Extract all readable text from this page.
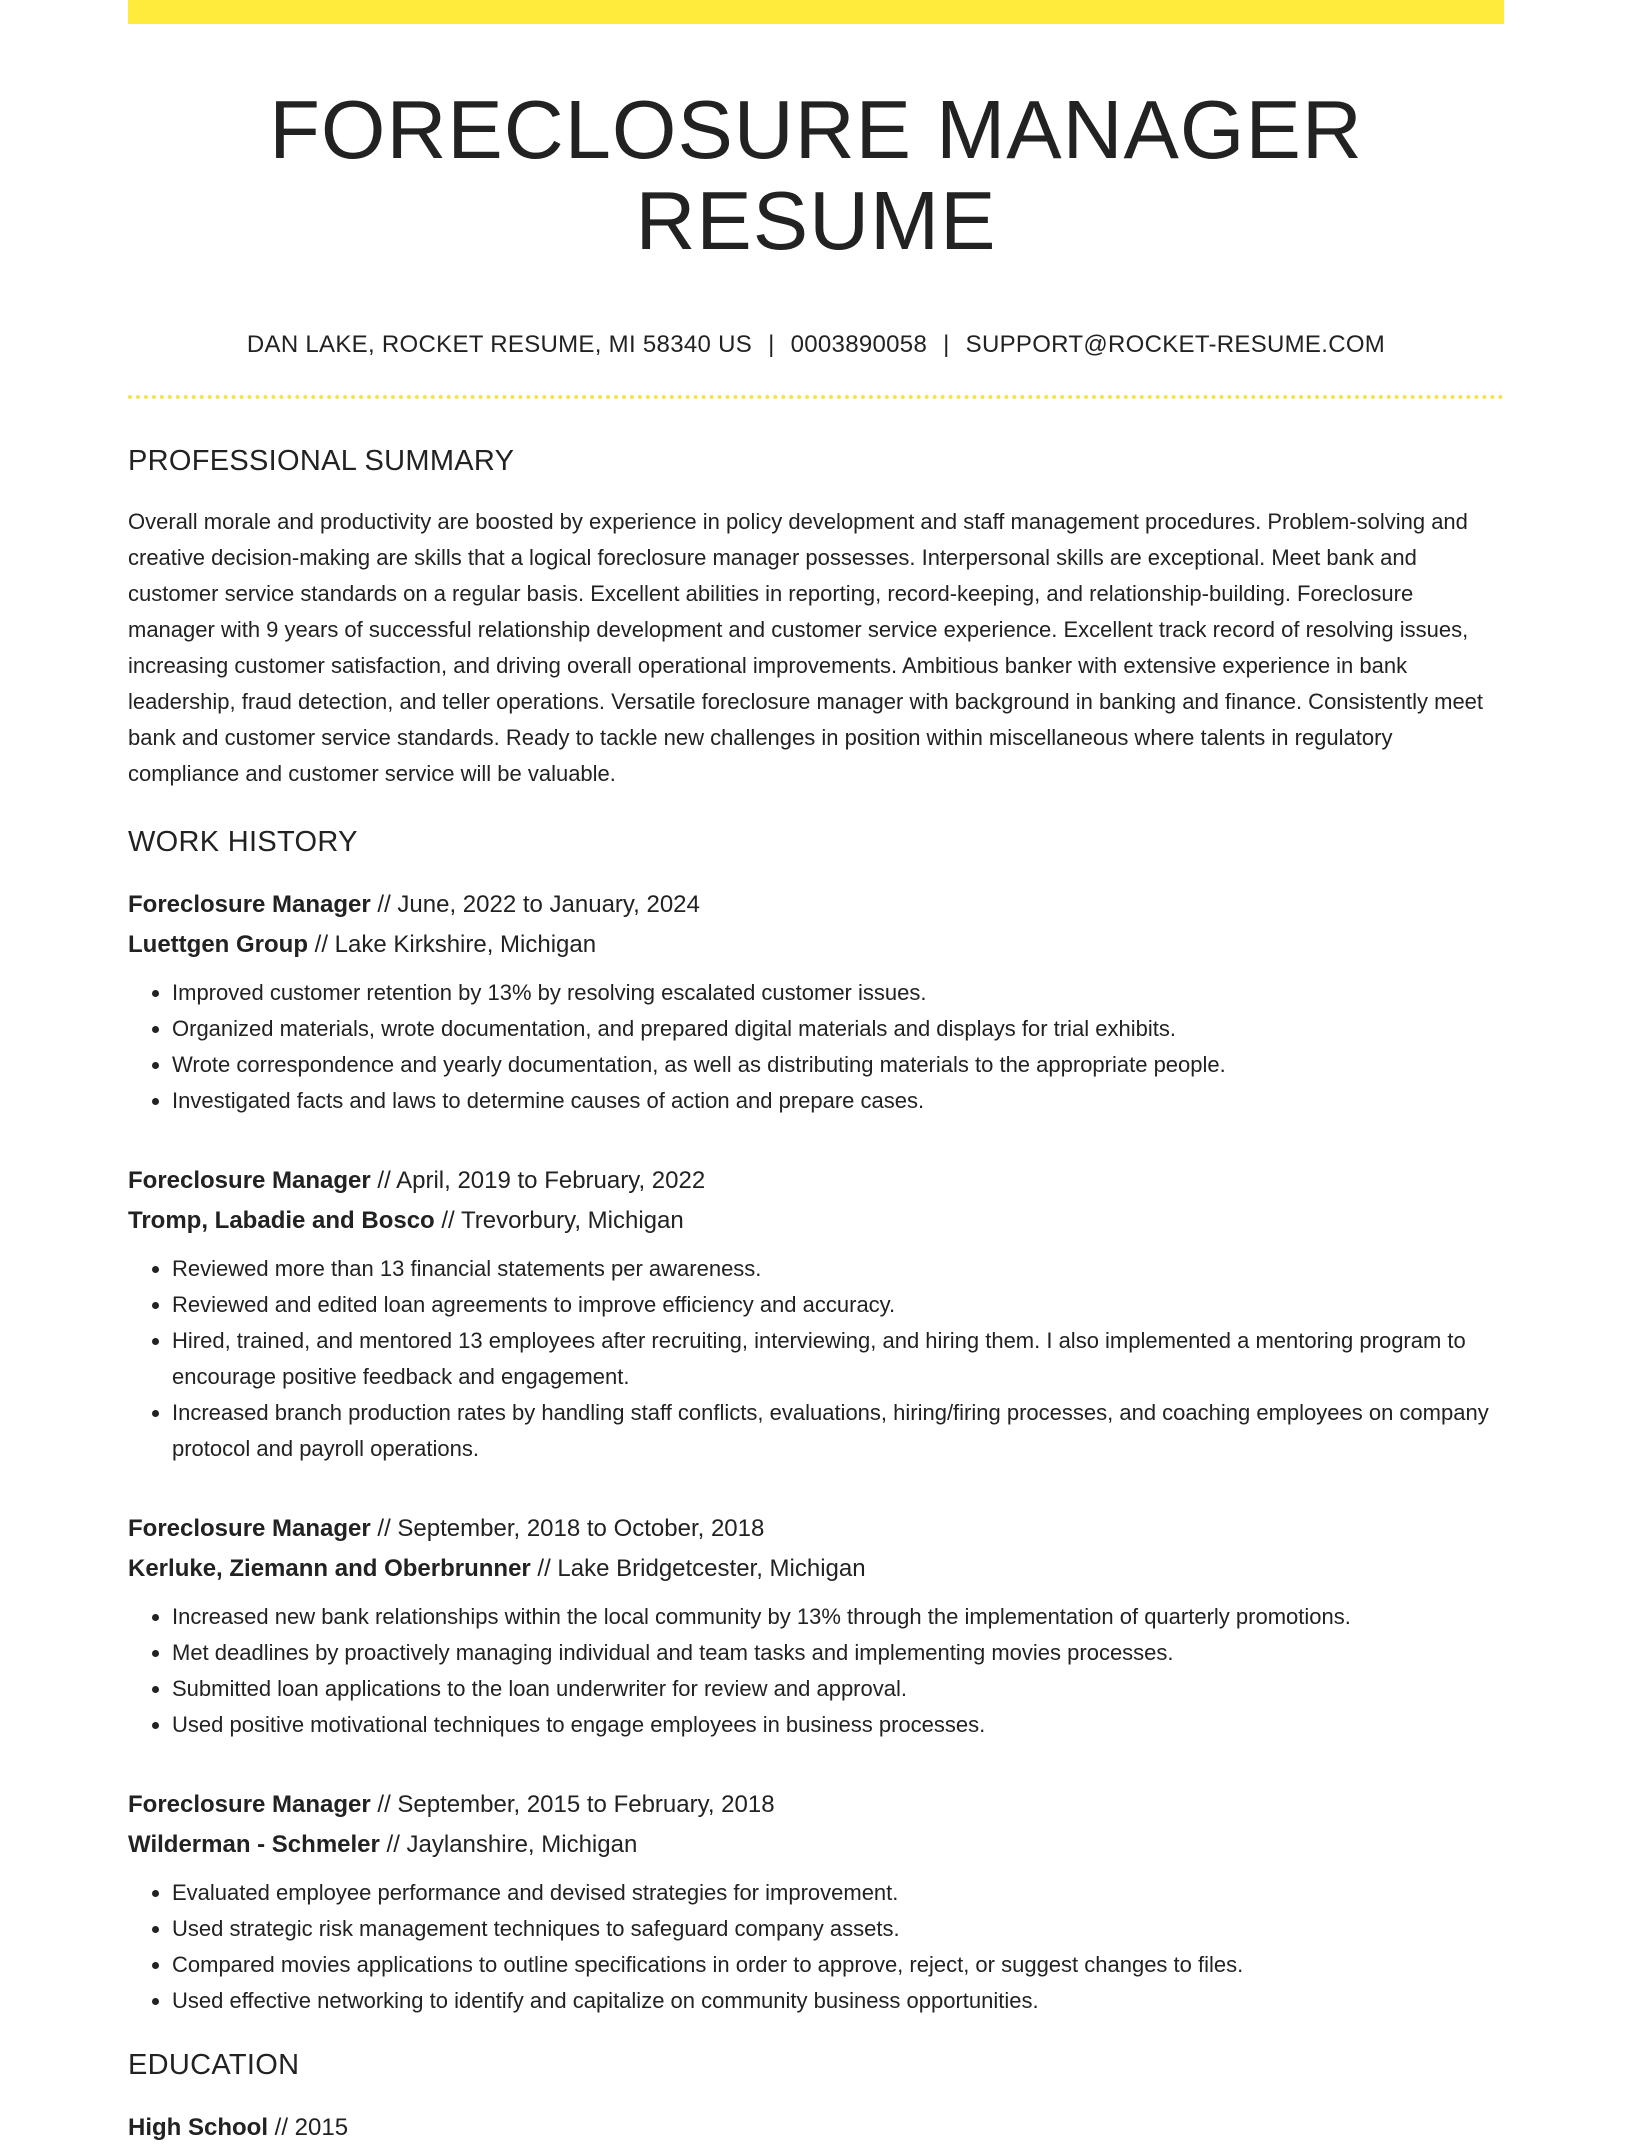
FORECLOSURE MANAGER RESUME
DAN LAKE, ROCKET RESUME, MI 58340 US | 0003890058 | SUPPORT@ROCKET-RESUME.COM
PROFESSIONAL SUMMARY
Overall morale and productivity are boosted by experience in policy development and staff management procedures. Problem-solving and creative decision-making are skills that a logical foreclosure manager possesses. Interpersonal skills are exceptional. Meet bank and customer service standards on a regular basis. Excellent abilities in reporting, record-keeping, and relationship-building. Foreclosure manager with 9 years of successful relationship development and customer service experience. Excellent track record of resolving issues, increasing customer satisfaction, and driving overall operational improvements. Ambitious banker with extensive experience in bank leadership, fraud detection, and teller operations. Versatile foreclosure manager with background in banking and finance. Consistently meet bank and customer service standards. Ready to tackle new challenges in position within miscellaneous where talents in regulatory compliance and customer service will be valuable.
WORK HISTORY
Foreclosure Manager // June, 2022 to January, 2024
Luettgen Group // Lake Kirkshire, Michigan
• Improved customer retention by 13% by resolving escalated customer issues.
• Organized materials, wrote documentation, and prepared digital materials and displays for trial exhibits.
• Wrote correspondence and yearly documentation, as well as distributing materials to the appropriate people.
• Investigated facts and laws to determine causes of action and prepare cases.
Foreclosure Manager // April, 2019 to February, 2022
Tromp, Labadie and Bosco // Trevorbury, Michigan
• Reviewed more than 13 financial statements per awareness.
• Reviewed and edited loan agreements to improve efficiency and accuracy.
• Hired, trained, and mentored 13 employees after recruiting, interviewing, and hiring them. I also implemented a mentoring program to encourage positive feedback and engagement.
• Increased branch production rates by handling staff conflicts, evaluations, hiring/firing processes, and coaching employees on company protocol and payroll operations.
Foreclosure Manager // September, 2018 to October, 2018
Kerluke, Ziemann and Oberbrunner // Lake Bridgetcester, Michigan
• Increased new bank relationships within the local community by 13% through the implementation of quarterly promotions.
• Met deadlines by proactively managing individual and team tasks and implementing movies processes.
• Submitted loan applications to the loan underwriter for review and approval.
• Used positive motivational techniques to engage employees in business processes.
Foreclosure Manager // September, 2015 to February, 2018
Wilderman - Schmeler // Jaylanshire, Michigan
• Evaluated employee performance and devised strategies for improvement.
• Used strategic risk management techniques to safeguard company assets.
• Compared movies applications to outline specifications in order to approve, reject, or suggest changes to files.
• Used effective networking to identify and capitalize on community business opportunities.
EDUCATION
High School // 2015
